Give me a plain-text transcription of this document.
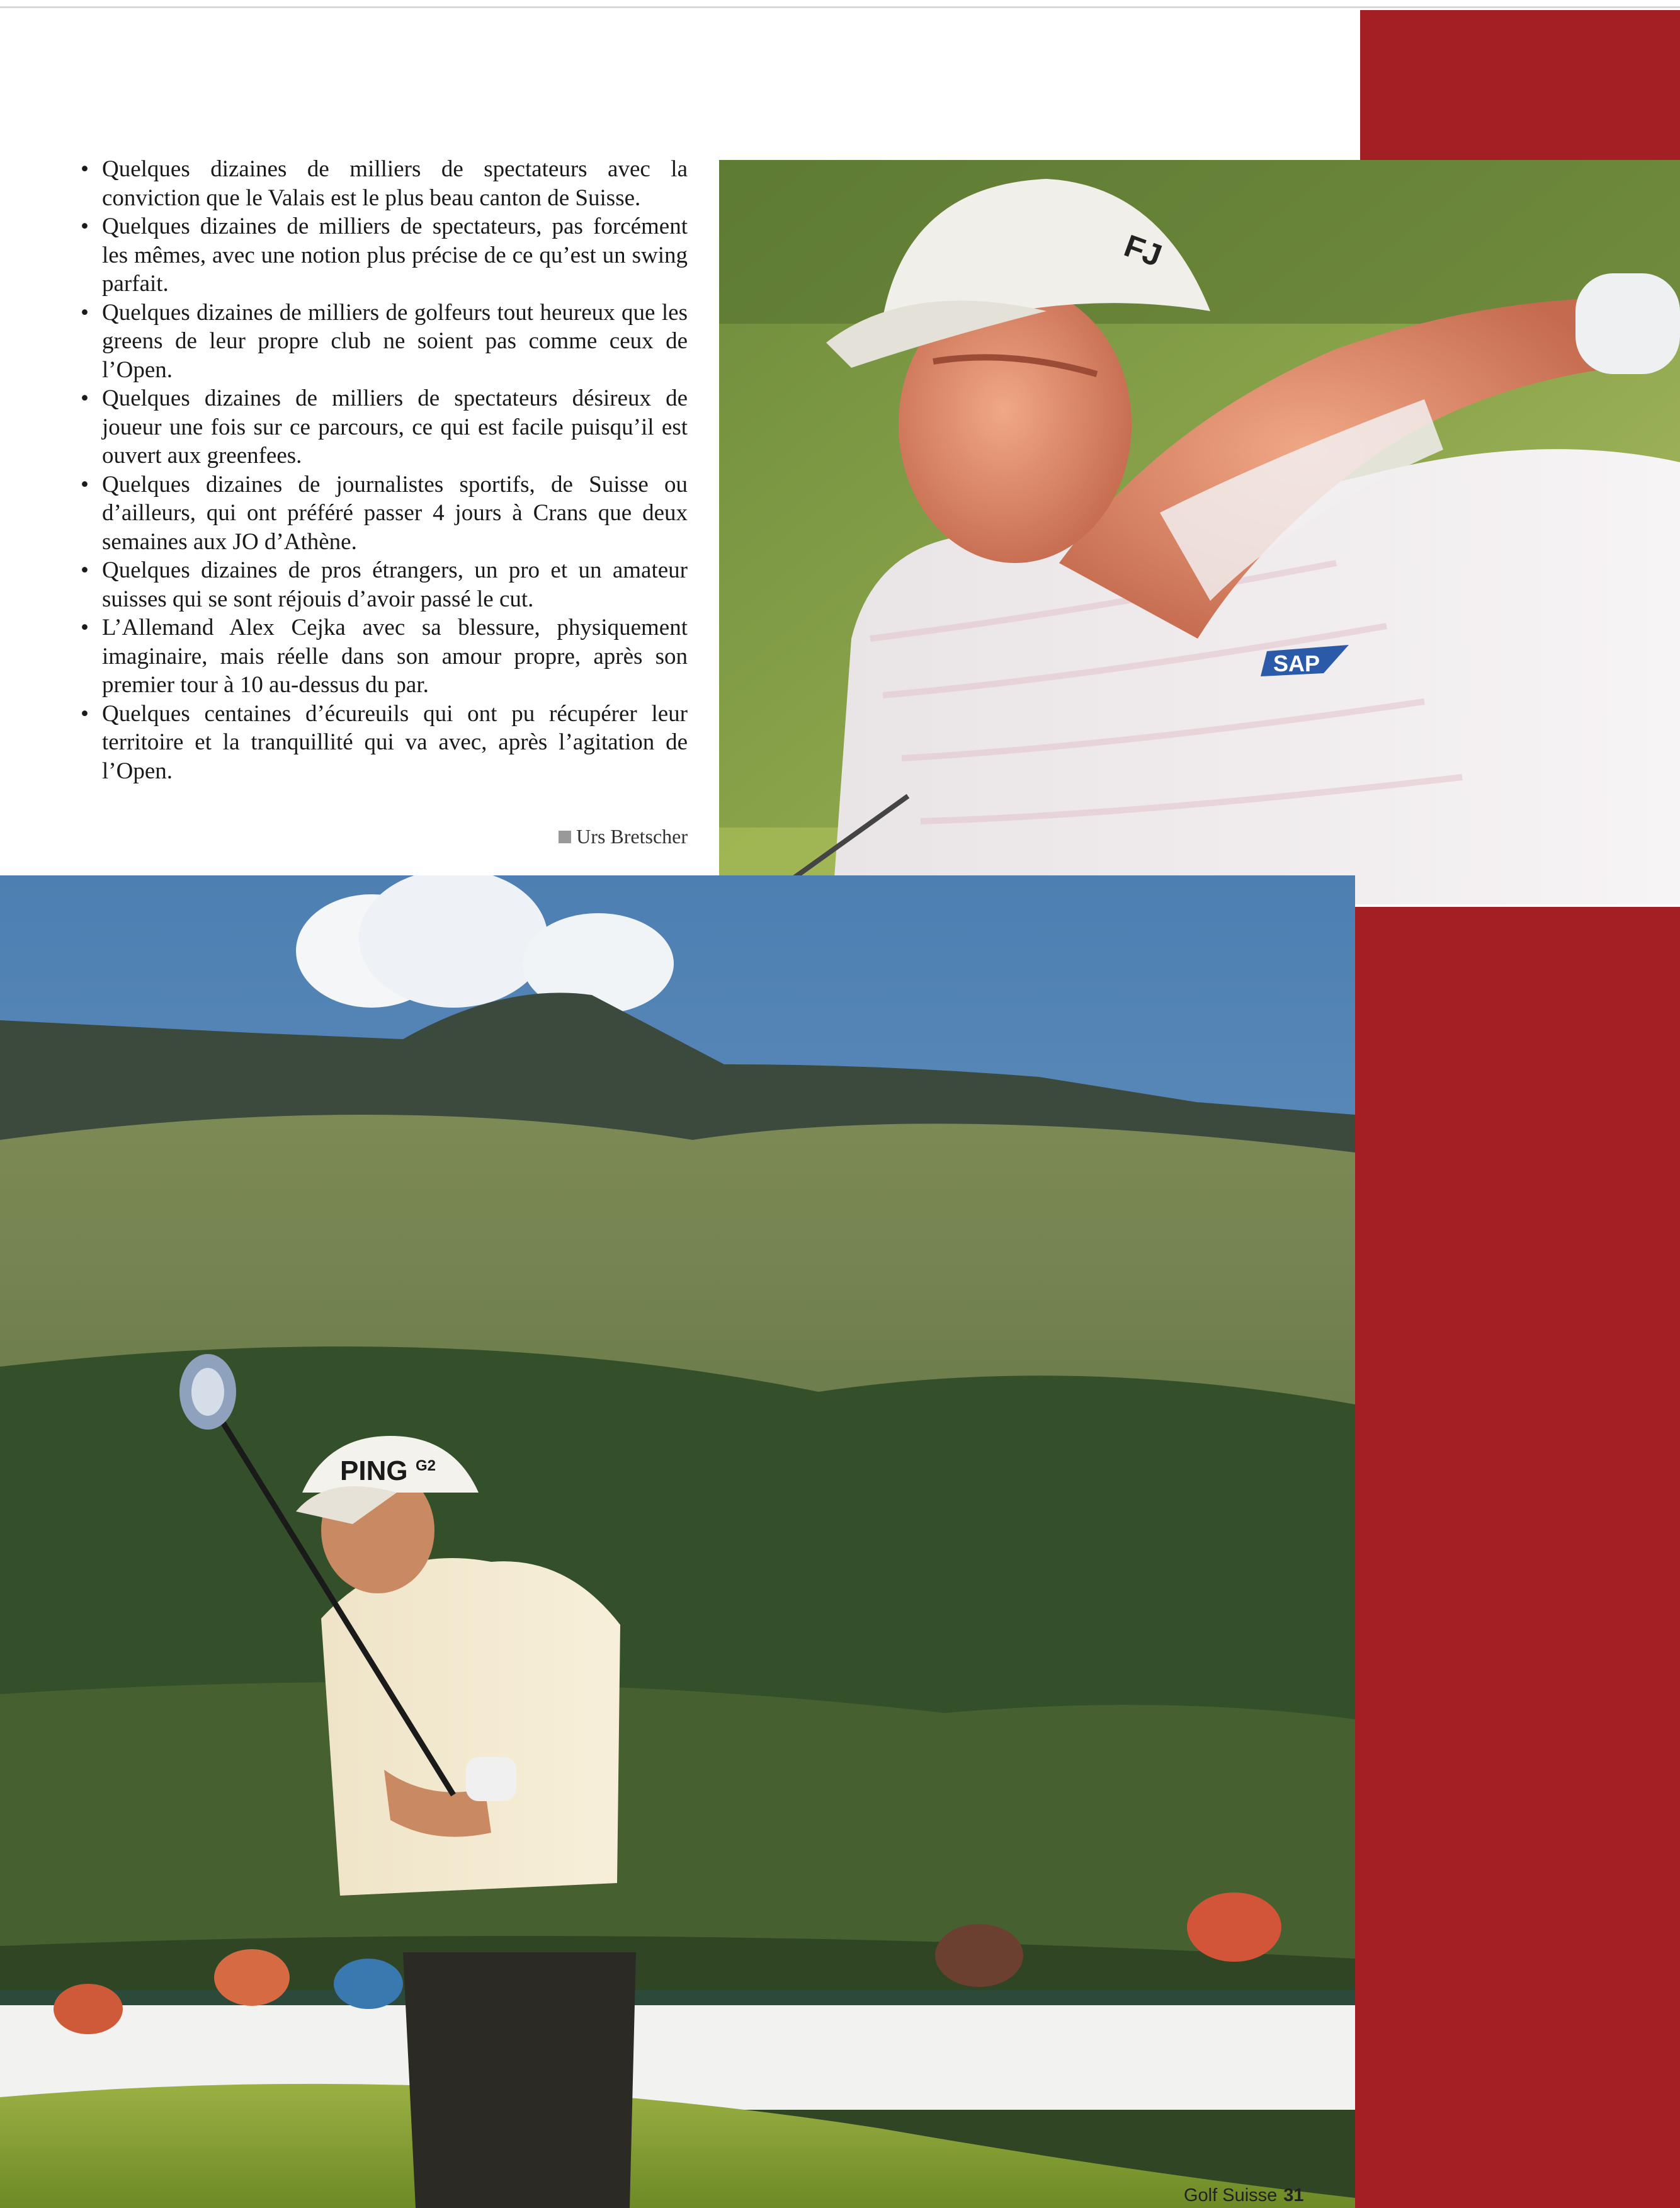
• Quelques dizaines de milliers de spectateurs avec la conviction que le Valais est le plus beau canton de Suisse.
• Quelques dizaines de milliers de spectateurs, pas forcément les mêmes, avec une notion plus précise de ce qu’est un swing parfait.
• Quelques dizaines de milliers de golfeurs tout heureux que les greens de leur propre club ne soient pas comme ceux de l’Open.
• Quelques dizaines de milliers de spectateurs désireux de joueur une fois sur ce parcours, ce qui est facile puisqu’il est ouvert aux greenfees.
• Quelques dizaines de journalistes sportifs, de Suisse ou d’ailleurs, qui ont préféré passer 4 jours à Crans que deux semaines aux JO d’Athène.
• Quelques dizaines de pros étrangers, un pro et un amateur suisses qui se sont réjouis d’avoir passé le cut.
• L’Allemand Alex Cejka avec sa blessure, physiquement imaginaire, mais réelle dans son amour propre, après son premier tour à 10 au-dessus du par.
• Quelques centaines d’écureuils qui ont pu récupérer leur territoire et la tranquillité qui va avec, après l’agitation de l’Open.
Urs Bretscher
FJ
SAP
PING G2
Golf Suisse 31
